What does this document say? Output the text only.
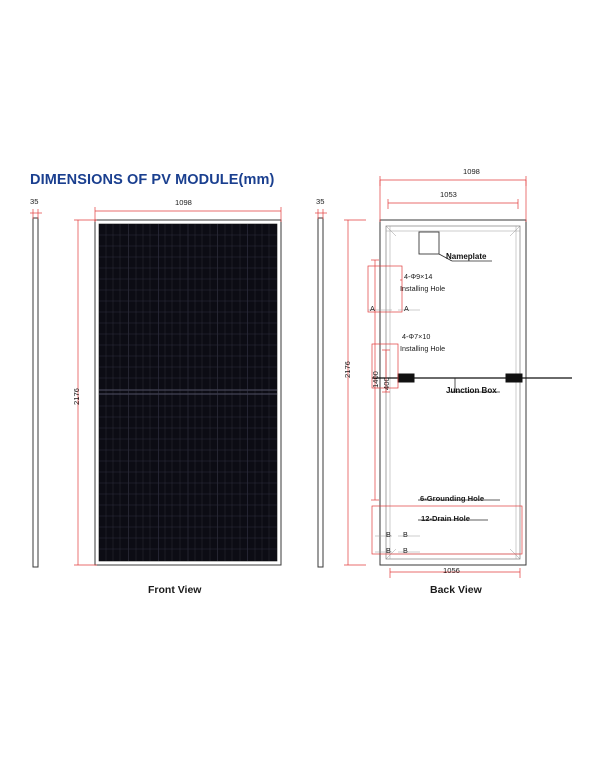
DIMENSIONS OF PV MODULE(mm)
35	1098
2176
Front View
35
1098
1053
2176
1400 400
1056
Back View
Nameplate
4-Φ9×14
Installing Hole
4-Φ7×10
Installing Hole
Junction Box
6-Grounding Hole
12-Drain Hole
A	A
B B
B B
